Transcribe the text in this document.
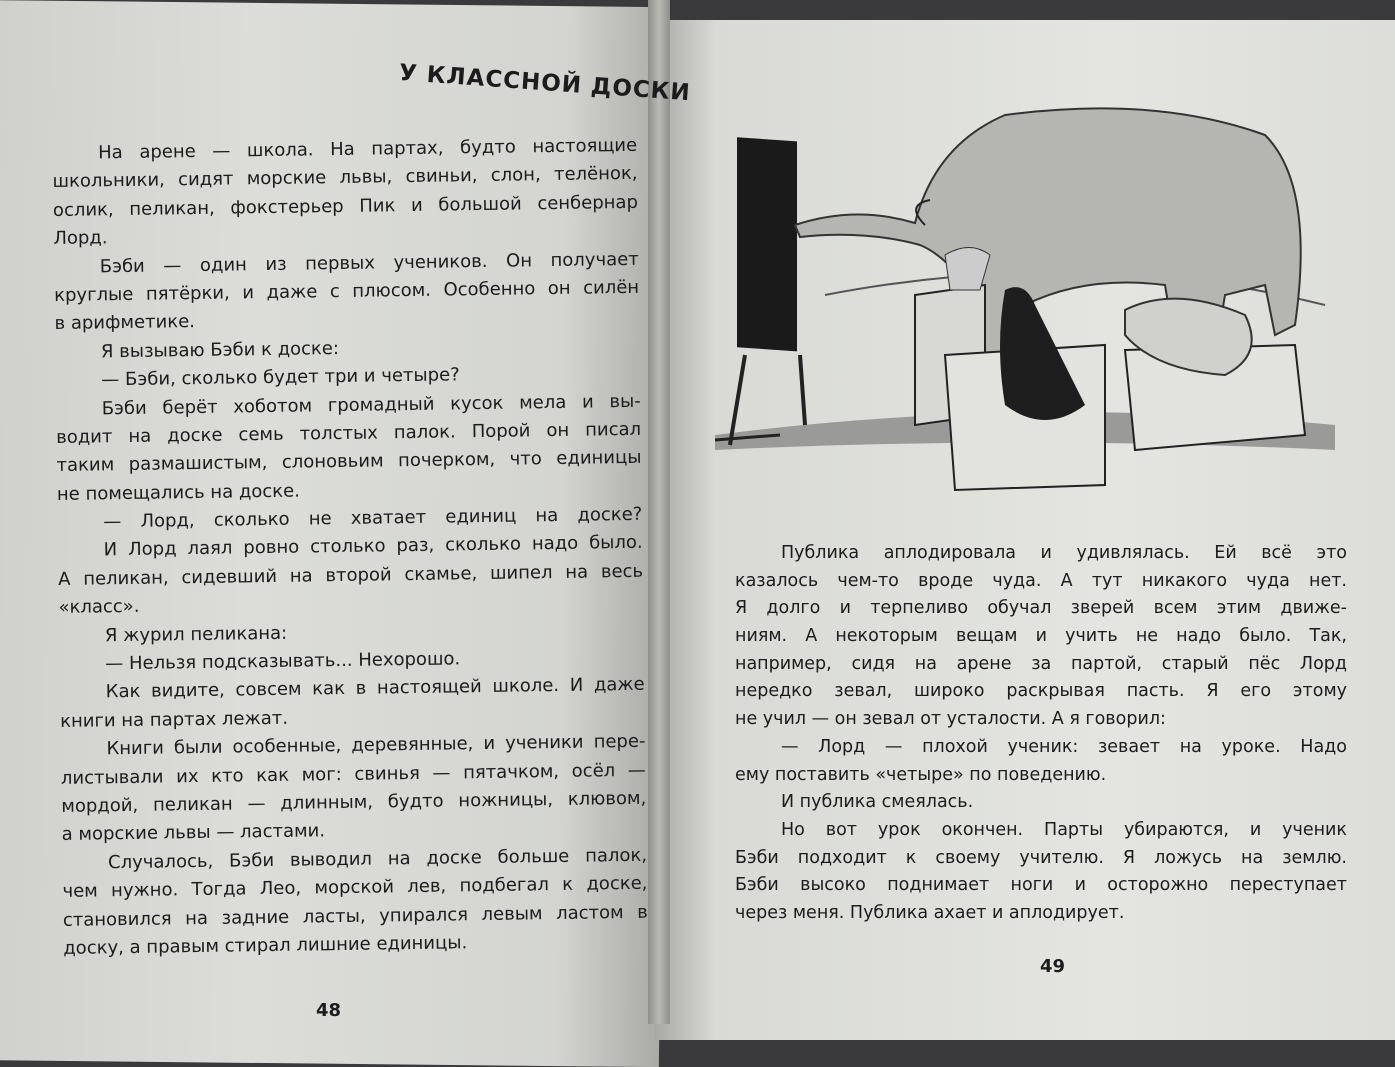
У КЛАССНОЙ ДОСКИ
На арене — школа. На партах, будто настоящие
школьники, сидят морские львы, свиньи, слон, телёнок,
ослик, пеликан, фокстерьер Пик и большой сенбернар
Лорд.
Бэби — один из первых учеников. Он получает
круглые пятёрки, и даже с плюсом. Особенно он силён
в арифметике.
Я вызываю Бэби к доске:
— Бэби, сколько будет три и четыре?
Бэби берёт хоботом громадный кусок мела и вы-
водит на доске семь толстых палок. Порой он писал
таким размашистым, слоновьим почерком, что единицы
не помещались на доске.
— Лорд, сколько не хватает единиц на доске?
И Лорд лаял ровно столько раз, сколько надо было.
А пеликан, сидевший на второй скамье, шипел на весь
«класс».
Я журил пеликана:
— Нельзя подсказывать... Нехорошо.
Как видите, совсем как в настоящей школе. И даже
книги на партах лежат.
Книги были особенные, деревянные, и ученики пере-
листывали их кто как мог: свинья — пятачком, осёл —
мордой, пеликан — длинным, будто ножницы, клювом,
а морские львы — ластами.
Случалось, Бэби выводил на доске больше палок,
чем нужно. Тогда Лео, морской лев, подбегал к доске,
становился на задние ласты, упирался левым ластом в
доску, а правым стирал лишние единицы.
48
Публика аплодировала и удивлялась. Ей всё это
казалось чем-то вроде чуда. А тут никакого чуда нет.
Я долго и терпеливо обучал зверей всем этим движе-
ниям. А некоторым вещам и учить не надо было. Так,
например, сидя на арене за партой, старый пёс Лорд
нередко зевал, широко раскрывая пасть. Я его этому
не учил — он зевал от усталости. А я говорил:
— Лорд — плохой ученик: зевает на уроке. Надо
ему поставить «четыре» по поведению.
И публика смеялась.
Но вот урок окончен. Парты убираются, и ученик
Бэби подходит к своему учителю. Я ложусь на землю.
Бэби высоко поднимает ноги и осторожно переступает
через меня. Публика ахает и аплодирует.
49
